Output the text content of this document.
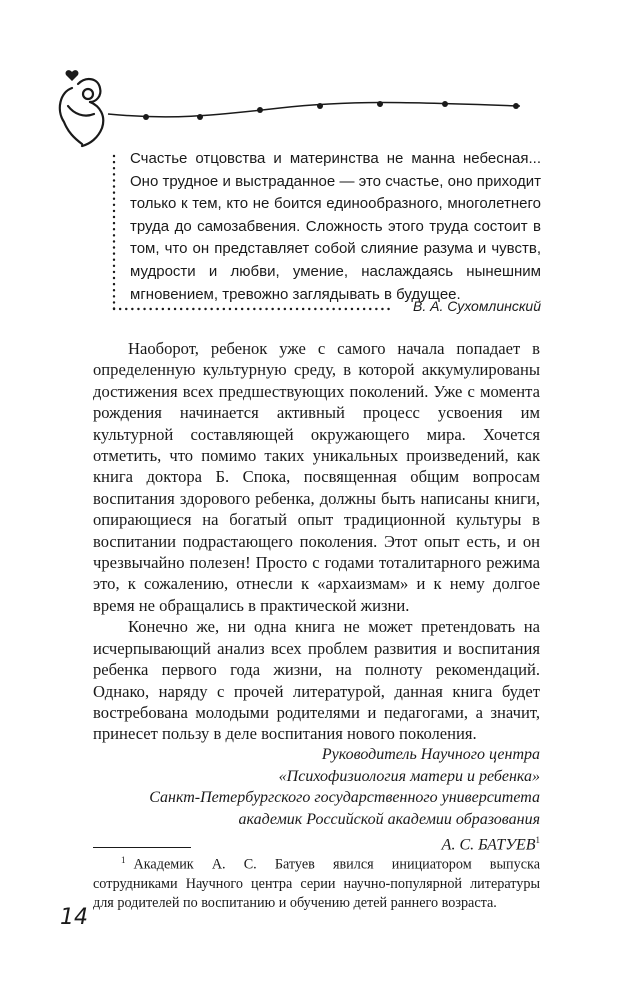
Счастье отцовства и материнства не манна небесная... Оно трудное и выстраданное — это счастье, оно приходит только к тем, кто не боится единообразного, многолетнего труда до самозабвения. Сложность этого труда состоит в том, что он представляет собой слияние разума и чувств, мудрости и любви, умение, наслаждаясь нынешним мгновением, тревожно заглядывать в будущее.

В. А. Сухомлинский

Наоборот, ребенок уже с самого начала попадает в определенную культурную среду, в которой аккумулированы достижения всех предшествующих поколений. Уже с момента рождения начинается активный процесс усвоения им культурной составляющей окружающего мира. Хочется отметить, что помимо таких уникальных произведений, как книга доктора Б. Спока, посвященная общим вопросам воспитания здорового ребенка, должны быть написаны книги, опирающиеся на богатый опыт традиционной культуры в воспитании подрастающего поколения. Этот опыт есть, и он чрезвычайно полезен! Просто с годами тоталитарного режима это, к сожалению, отнесли к «архаизмам» и к нему долгое время не обращались в практической жизни.

Конечно же, ни одна книга не может претендовать на исчерпывающий анализ всех проблем развития и воспитания ребенка первого года жизни, на полноту рекомендаций. Однако, наряду с прочей литературой, данная книга будет востребована молодыми родителями и педагогами, а значит, принесет пользу в деле воспитания нового поколения.

Руководитель Научного центра
«Психофизиология матери и ребенка»
Санкт-Петербургского государственного университета
академик Российской академии образования
А. С. БАТУЕВ$^1$

$^1$ Академик А. С. Батуев явился инициатором выпуска сотрудниками Научного центра серии научно-популярной литературы для родителей по воспитанию и обучению детей раннего возраста.

14
